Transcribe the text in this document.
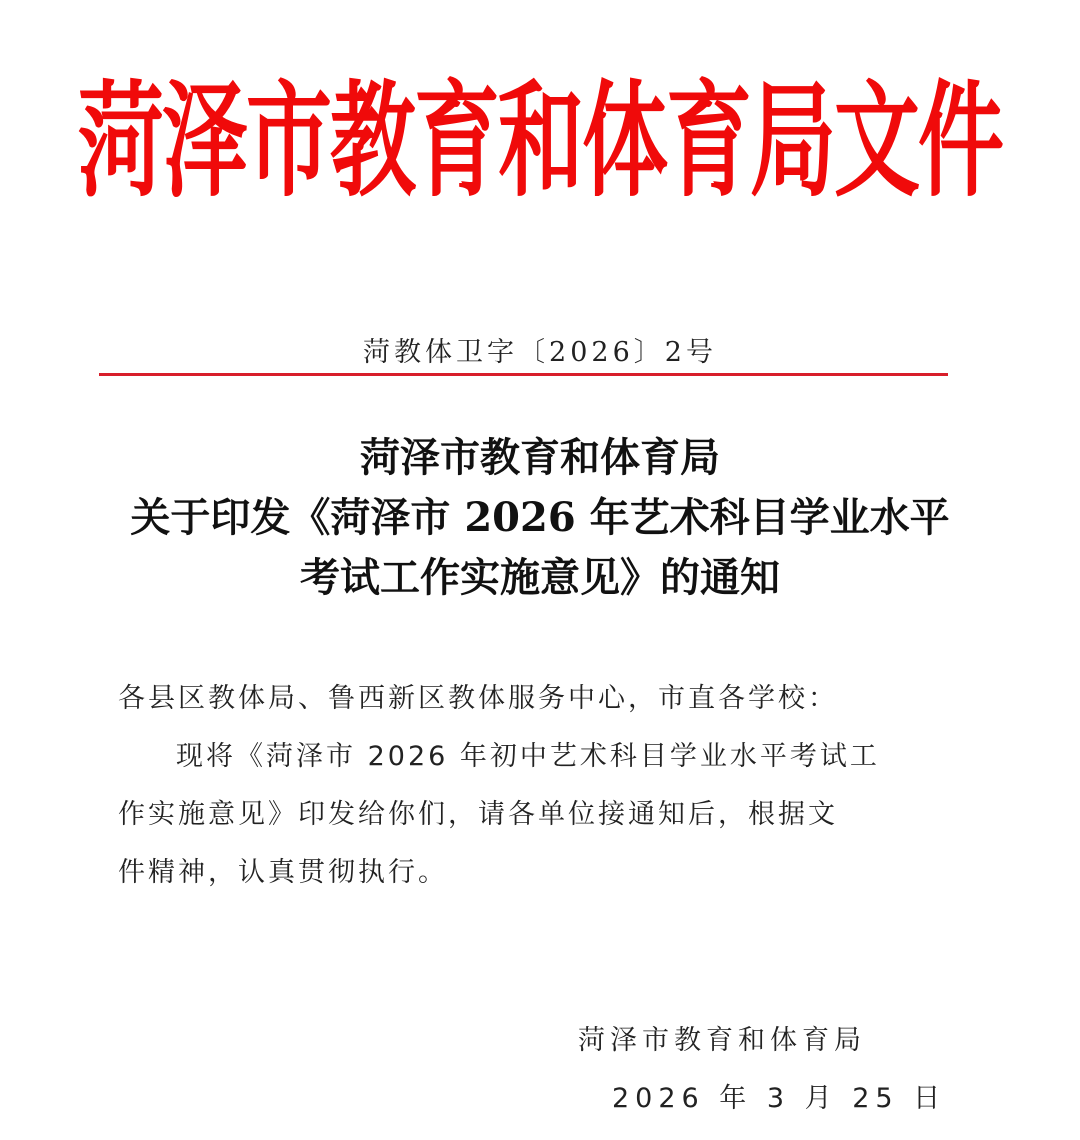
菏泽市教育和体育局文件
菏教体卫字〔2026〕2号
菏泽市教育和体育局
关于印发《菏泽市 2026 年艺术科目学业水平
考试工作实施意见》的通知

各县区教体局、鲁西新区教体服务中心，市直各学校：

现将《菏泽市 2026 年初中艺术科目学业水平考试工

作实施意见》印发给你们，请各单位接通知后，根据文

件精神，认真贯彻执行。

菏泽市教育和体育局
2026 年 3 月 25 日
